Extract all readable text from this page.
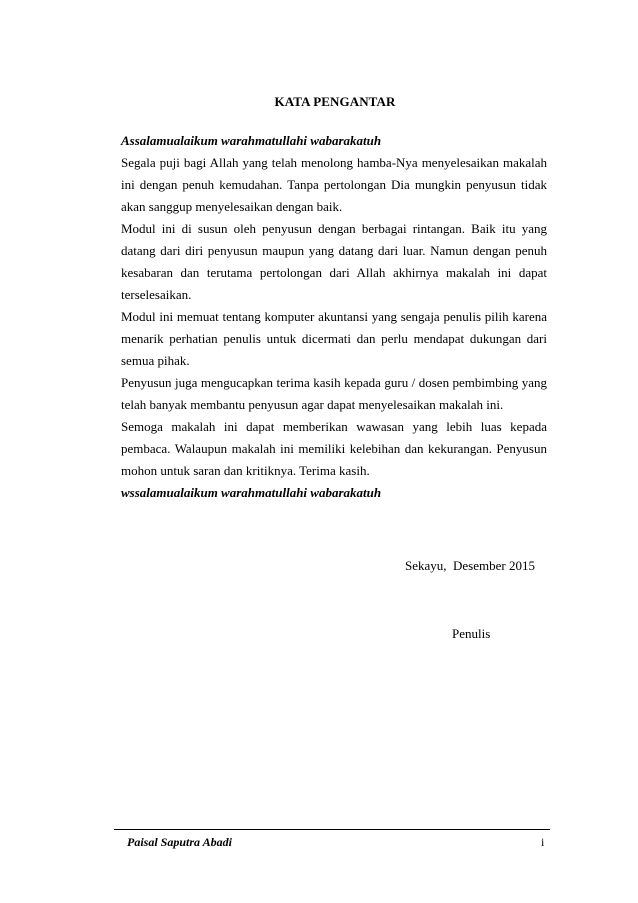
KATA PENGANTAR

Assalamualaikum warahmatullahi wabarakatuh

Segala puji bagi Allah yang telah menolong hamba-Nya menyelesaikan makalah ini dengan penuh kemudahan. Tanpa pertolongan Dia mungkin penyusun tidak akan sanggup menyelesaikan dengan baik.

Modul ini di susun oleh penyusun dengan berbagai rintangan. Baik itu yang datang dari diri penyusun maupun yang datang dari luar. Namun dengan penuh kesabaran dan terutama pertolongan dari Allah akhirnya makalah ini dapat terselesaikan.

Modul ini memuat tentang komputer akuntansi yang sengaja penulis pilih karena menarik perhatian penulis untuk dicermati dan perlu mendapat dukungan dari semua pihak.

Penyusun juga mengucapkan terima kasih kepada guru / dosen pembimbing yang telah banyak membantu penyusun agar dapat menyelesaikan makalah ini.

Semoga makalah ini dapat memberikan wawasan yang lebih luas kepada pembaca. Walaupun makalah ini memiliki kelebihan dan kekurangan. Penyusun mohon untuk saran dan kritiknya. Terima kasih.

wssalamualaikum warahmatullahi wabarakatuh

Sekayu,  Desember 2015
Penulis
Paisal Saputra Abadi	i
